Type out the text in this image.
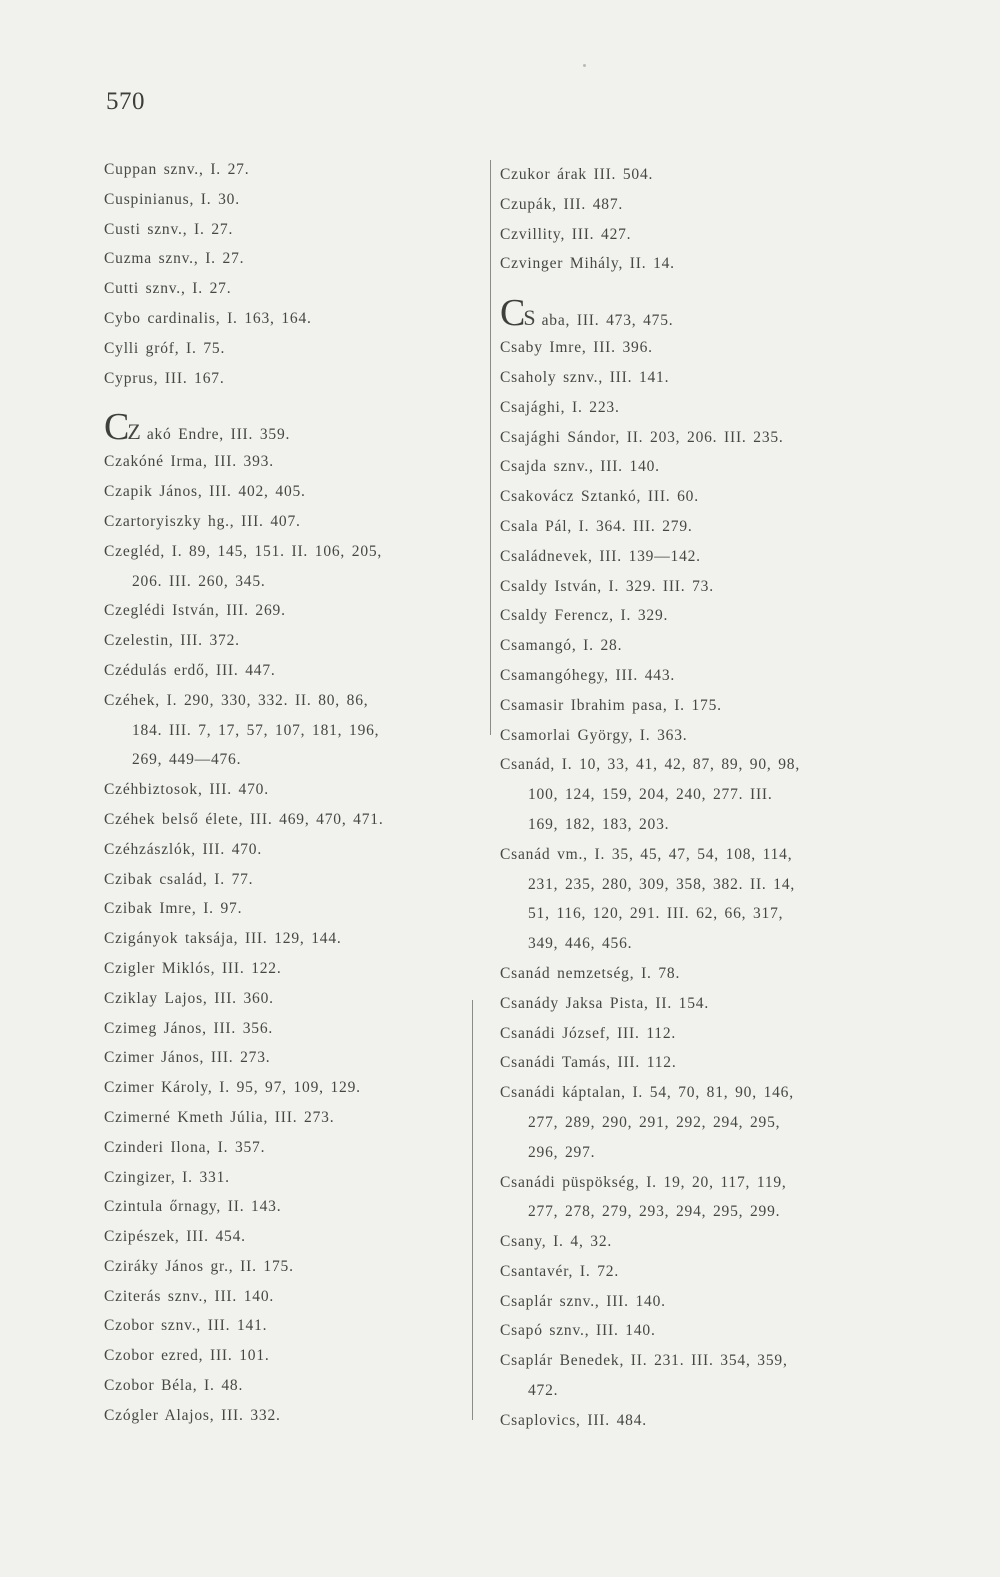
570
Cuppan sznv., I. 27.
Cuspinianus, I. 30.
Custi sznv., I. 27.
Cuzma sznv., I. 27.
Cutti sznv., I. 27.
Cybo cardinalis, I. 163, 164.
Cylli gróf, I. 75.
Cyprus, III. 167.
CZ akó Endre, III. 359.
Czakóné Irma, III. 393.
Czapik János, III. 402, 405.
Czartoryiszky hg., III. 407.
Czegléd, I. 89, 145, 151. II. 106, 205,
206. III. 260, 345.
Czeglédi István, III. 269.
Czelestin, III. 372.
Czédulás erdő, III. 447.
Czéhek, I. 290, 330, 332. II. 80, 86,
184. III. 7, 17, 57, 107, 181, 196,
269, 449—476.
Czéhbiztosok, III. 470.
Czéhek belső élete, III. 469, 470, 471.
Czéhzászlók, III. 470.
Czibak család, I. 77.
Czibak Imre, I. 97.
Czigányok taksája, III. 129, 144.
Czigler Miklós, III. 122.
Cziklay Lajos, III. 360.
Czimeg János, III. 356.
Czimer János, III. 273.
Czimer Károly, I. 95, 97, 109, 129.
Czimerné Kmeth Júlia, III. 273.
Czinderi Ilona, I. 357.
Czingizer, I. 331.
Czintula őrnagy, II. 143.
Czipészek, III. 454.
Cziráky János gr., II. 175.
Cziterás sznv., III. 140.
Czobor sznv., III. 141.
Czobor ezred, III. 101.
Czobor Béla, I. 48.
Czógler Alajos, III. 332.
Czukor árak III. 504.
Czupák, III. 487.
Czvillity, III. 427.
Czvinger Mihály, II. 14.
CS aba, III. 473, 475.
Csaby Imre, III. 396.
Csaholy sznv., III. 141.
Csajághi, I. 223.
Csajághi Sándor, II. 203, 206. III. 235.
Csajda sznv., III. 140.
Csakovácz Sztankó, III. 60.
Csala Pál, I. 364. III. 279.
Családnevek, III. 139—142.
Csaldy István, I. 329. III. 73.
Csaldy Ferencz, I. 329.
Csamangó, I. 28.
Csamangóhegy, III. 443.
Csamasir Ibrahim pasa, I. 175.
Csamorlai György, I. 363.
Csanád, I. 10, 33, 41, 42, 87, 89, 90, 98,
100, 124, 159, 204, 240, 277. III.
169, 182, 183, 203.
Csanád vm., I. 35, 45, 47, 54, 108, 114,
231, 235, 280, 309, 358, 382. II. 14,
51, 116, 120, 291. III. 62, 66, 317,
349, 446, 456.
Csanád nemzetség, I. 78.
Csanády Jaksa Pista, II. 154.
Csanádi József, III. 112.
Csanádi Tamás, III. 112.
Csanádi káptalan, I. 54, 70, 81, 90, 146,
277, 289, 290, 291, 292, 294, 295,
296, 297.
Csanádi püspökség, I. 19, 20, 117, 119,
277, 278, 279, 293, 294, 295, 299.
Csany, I. 4, 32.
Csantavér, I. 72.
Csaplár sznv., III. 140.
Csapó sznv., III. 140.
Csaplár Benedek, II. 231. III. 354, 359,
472.
Csaplovics, III. 484.
